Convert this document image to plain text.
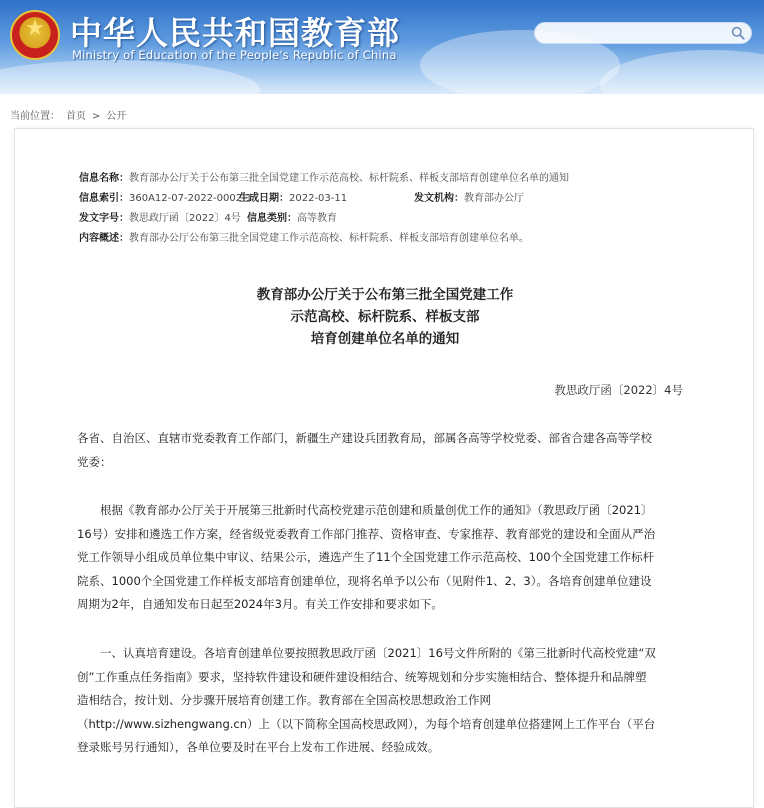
★ 中华人民共和国教育部
Ministry of Education of the People's Republic of China
当前位置： 首页 > 公开
信息名称：教育部办公厅关于公布第三批全国党建工作示范高校、标杆院系、样板支部培育创建单位名单的通知
信息索引：360A12-07-2022-0002-1生成日期：2022-03-11	发文机构：教育部办公厅
发文字号：教思政厅函〔2022〕4号 信息类别：高等教育
内容概述：教育部办公厅公布第三批全国党建工作示范高校、标杆院系、样板支部培育创建单位名单。
教育部办公厅关于公布第三批全国党建工作
示范高校、标杆院系、样板支部
培育创建单位名单的通知
教思政厅函〔2022〕4号
各省、自治区、直辖市党委教育工作部门，新疆生产建设兵团教育局，部属各高等学校党委、部省合建各高等学校
党委：
　　根据《教育部办公厅关于开展第三批新时代高校党建示范创建和质量创优工作的通知》（教思政厅函〔2021〕
16号）安排和遴选工作方案，经省级党委教育工作部门推荐、资格审查、专家推荐、教育部党的建设和全面从严治
党工作领导小组成员单位集中审议、结果公示，遴选产生了11个全国党建工作示范高校、100个全国党建工作标杆
院系、1000个全国党建工作样板支部培育创建单位，现将名单予以公布（见附件1、2、3）。各培育创建单位建设
周期为2年，自通知发布日起至2024年3月。有关工作安排和要求如下。
　　一、认真培育建设。各培育创建单位要按照教思政厅函〔2021〕16号文件所附的《第三批新时代高校党建“双
创”工作重点任务指南》要求，坚持软件建设和硬件建设相结合、统筹规划和分步实施相结合、整体提升和品牌塑
造相结合，按计划、分步骤开展培育创建工作。教育部在全国高校思想政治工作网
（http://www.sizhengwang.cn）上（以下简称全国高校思政网），为每个培育创建单位搭建网上工作平台（平台
登录账号另行通知），各单位要及时在平台上发布工作进展、经验成效。
